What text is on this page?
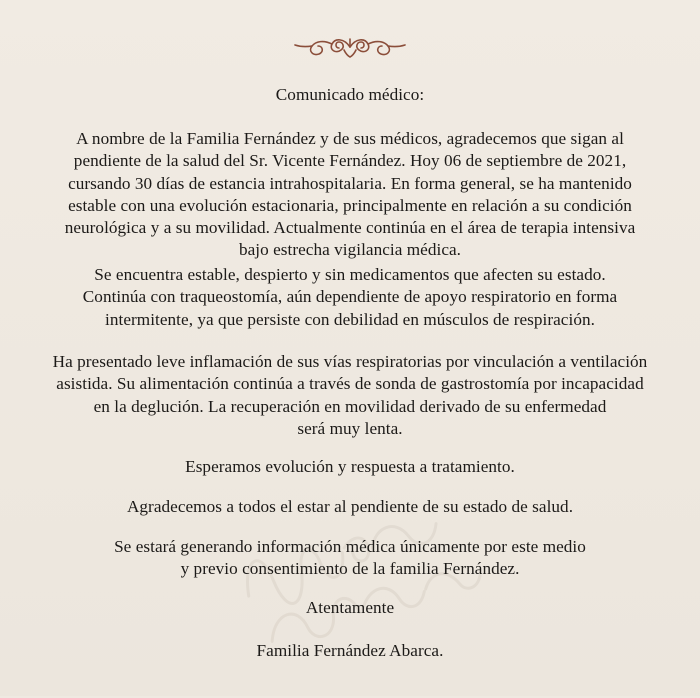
Comunicado médico:
A nombre de la Familia Fernández y de sus médicos, agradecemos que sigan al
pendiente de la salud del Sr. Vicente Fernández. Hoy 06 de septiembre de 2021,
cursando 30 días de estancia intrahospitalaria. En forma general, se ha mantenido
estable con una evolución estacionaria, principalmente en relación a su condición
neurológica y a su movilidad. Actualmente continúa en el área de terapia intensiva
bajo estrecha vigilancia médica.
Se encuentra estable, despierto y sin medicamentos que afecten su estado.
Continúa con traqueostomía, aún dependiente de apoyo respiratorio en forma
intermitente, ya que persiste con debilidad en músculos de respiración.
Ha presentado leve inflamación de sus vías respiratorias por vinculación a ventilación
asistida. Su alimentación continúa a través de sonda de gastrostomía por incapacidad
en la deglución. La recuperación en movilidad derivado de su enfermedad
será muy lenta.
Esperamos evolución y respuesta a tratamiento.
Agradecemos a todos el estar al pendiente de su estado de salud.
Se estará generando información médica únicamente por este medio
y previo consentimiento de la familia Fernández.
Atentamente
Familia Fernández Abarca.
